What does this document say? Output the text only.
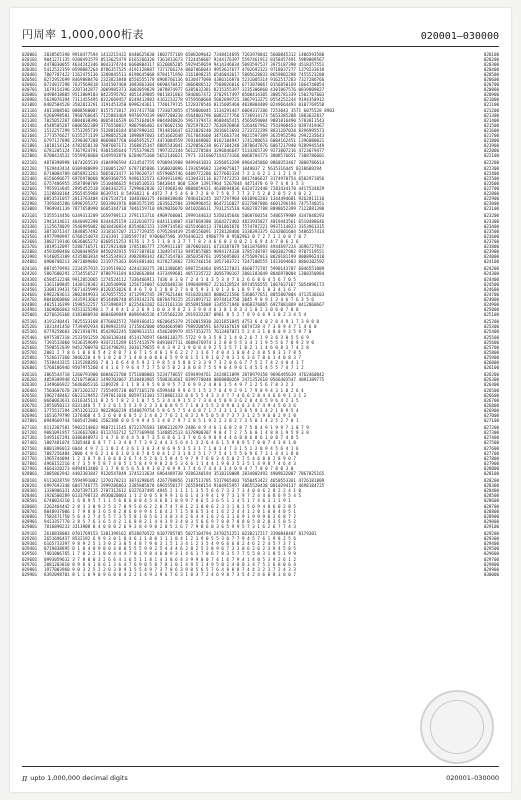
円周率 1,000,000桁表	020001–030000
020001	2038565390 9910477594 1413215432 8440625030 1802757169 6508209642 7348414695 7263978842 5600845312 1406593580	020100
020101	9041271135 9200491579 8513625479 6165266328 7361813673 7324450607 9244176397 5597461912 8358457491 5989009567	020200
020201	4470030055 4634242346 0043374744 6660804317 0126005205 5929459659 9414346834 5093597537 3975187390 4518357551	020300
020301	5412522359 0590087264 8786357525 4191128887 7371766374 8607866043 9953637677 4702692322 9718837277 1379233610	020400
020401	7007787422 1262475136 3289845511 0198645068 8784171950 3161098235 6546043617 5805628833 8659802298 7455523280	020500
020501	8272952699 8469888470 2323823840 0556555178 8908766136 0130477098 4386116870 5231005314 9162517283 7327286766	020600
020601	0724817298 7637569818 3341507460 3883863364 0690470437 3066886512 7568826016 6773078867 0156850169 1864748854	020700
020701	1679154396 3207342877 3069985373 3003059829 3078874977 6385032381 8215355397 3235306860 4301067576 0839809827	020800
020801	0498418805 9513809103 0423595782 4051439885 9011831863 5840667472 3702917497 8508414305 3085781339 1502707603	020900
020901	5639076394 7311455495 8322669457 0249413983 4163233278 9759560668 5682699725 3867913275 0554252244 9194358912	021000
021001	8402504520 3582813291 3191451350 0996243611 7740179715 1228378546 0115605460 4028884409 0249664493 0107769550	021100
021101	4811808502 0808580087 8157571817 1917417760 7733073855 4758806045 1134291447 6069317286 7253043 3571 6075528 8903	021200
021201	9266998501 7960766645 7125883469 9976979239 0697208210 4564003796 6082277766 5736914173 5653385288 1883632837	021300
021301	7025052207 6804030396 0865816539 6675164019 8044840826 5967379473 9688465415 4565059004 9881816490 5783011543	021400
021401	4548505267 6006582309 3776550037 9807966402 6470602150 7825978227 7616920868 5264467962 7543908453 0397419467	021500
021501	1512257299 5753295739 5128818184 0507990142 7914816647 6323020240 2816013693 2723722299 8831207020 8296995573	021600
021601	2773576627 6155271139 1298052520 1898897603 1451662648 7617843660 3471663734 9021597389 3635952596 2992235643	021700
021701	6797127898 2290307268 8069087768 6605952527 4473084559 7691848002 0162104947 1741288653 6084162451 1396080021	021800
021801	1018154124 4782650110 7887607171 1568815347 8885543041 2129056238 6617104248 2870647676 6067217940 9289945549	021900
021901	6781205124 7367924791 9301585644 7755379825 7997322344 5612278584 3296846647 5133365739 9273807216 4723679477	022000
022001	8700424532 5559926868 4349592876 6204075360 5652146021 7971 3316607154373166 0068784773 3808576651 7388786601	022100
022101	4878390998 1074265539 4104996594 4314547755 9700943988 9499441833 3356853299 8904345860 0860353467 3888786614	022200
022201	7629443414 0109488899 1160051207 6787105886 1160020096 1193659682 1349075017 1049837 2 5635316445 0318609294	022300
022301	8710004709 6058921263 5865023477 1679620737 8579085746 6409772286 6277682334 7 2 3 6 2 1 1 1 2 1 9 7	022400
022401	0156696677 6976970060 9669360755 9496152573 6394911896 4130433116 6277472353 8817406637 3174970754 6502971056	022500
022501	6757486955 3587890709 1510486625 9410510533 5843844 060 5369 13917964 5267844 4471470 6 9 7 4 8 3 5 3	022600
022601	7955913845 2995452518 1604342253 7299062836 3274968240 8800659421 4638694836 6424722448 7283434170 4417534829	022700
022701	2128830164 2565455968 8639741 8 5493821 6 4472 7 4 5 4 6 8 7 2 8 9 7 5 0 7 7 7 3 7 5 2 0 2 0 5 2 4 0 2 2	022800
022801	0853531057 2813763404 4367534714 1048360175 4648830040 7846416245 1877297904 6810963283 1344494681 9262811110	022900
022901	7395845206 6998295372 5033901976 8883575195 2635632584 3390996452 8647216027 0327887806 4601296194 7475740351	023000
023001	7969941139 7877658990 6685344718 7846159710 0929026070 0410266611 7931252510 9382787788 8098652399 7122881390	023100
023101	5355514456 6349313209 1659789113 2791153716 4909760001 2999144633 5350145646 5868760354 5486579909 4347048293	023200
023201	2941414611 4640492398 8344435159 1332010773 8441114807 4107669380 1664372402 4823935827 4019443561 6510488646	023300
023301	3125678029 3546995082 6018436834 8354662153 3199734583 0355460413 3701061676 7574787221 9937114823 3353961315	023400
023401	3071071347 1848857492 3318167207 2127729355 6795284439 2548156091 3728128406 3330393375 6242001604 5486557414	023500
023501	4977998997 6768154874 2243391 2185597747 9700687596 3976446322 4986779 8 9582963 0 7 2 7 1 2 0 8 7 0 7	023600
023601	3882719146 0636065272 0368515253 9176 1 7 5 7 1 8 4 3 7 7 7 8 2 4 6 6 0 3 0 0 2 1 6 9 4 4 7 0 6 2 6	023700
023701	1819512097 5288716571 0172921400 1785186777 2769911107 3870601031 6714387079 5811876893 4944697224 3696727927	023800
023801	4591090460 6200449858 8450292915 5937307010 1104974733 9495857885 9894174330 3785748707 8603027982 9707519551	023900
023901	9146053109 4235883834 9453534923 4982898342 4827354703 3850350761 1955695803 4755097013 8020181199 8008962418	024000
024001	0900708213 3072089866 2219775363 6691881401 8178273862 7292746156 1857103721 7247100555 1423694683 0860102592	024100
024101	8874579993 2234357915 2219519032 4244230275 3013380685 6987254464 6955127031 4660772787 5990143707 6046551089	024200
024201	5807600291 2734556527 0780791184 8420663884 4373499681 4857235722 3056790167 2001183049 8846970004 1308350984	024300
024301	6584512248 9912052065 1274524112 7336466911 7436 8 3 8 7 2 4 1 4 3 5 3 4 7 6 2 6 6 8 6 4 5 6 7 0 5	024400
024401	1361109845 1438128382 8120540996 1256724807 6105840218 1990489967 2216128524 8974556555 1067037167 5054896173	024500
024501	3308119431 5671435999 8120353026 8 4 6 7 0 1 1 0 0 2 7 4 0 5 9 3 1 0 1 3 6 1 8 9 7 0 1 0 3 4 1 6 7	024600
024601	6982203613 3802849933 1670557552 4712992745 3977621404 9318201465 8008221566 5360677651 8055807804 4713530103	024700
024701	8046060060 3435913664 0514488740 0519142376 8070479225 3531891712 6974414758 2045 9 0 9 1 3 4 6 7 6 3 5 6	024800
024801	4025116399 1598532257 5373986917 0225463202 6323161318 8558915808 3345571946 8468376865 6927881869 0412060667	024900
024901	1669066063 9353325298 1 7 4 9 4 1 3 2 6 9 1 0 0 3 9 6 2 3 3 9 0 4 6 3 8 1 8 3 3 1 0 2 3 0 6 0 7 0 8	025000
025001	4276626368 4183080910 0804609849 8096946536 4735566228 2919332287 0961 8 5 2 7 8 9 6 6 9 1 8 2 3 4 5 4	025100
025101	4191240441 7025523168 0776603572 7669166412 8620645379 2510015830 2011851845 4753 6 4 0 2 0 4 9 1 7 3 8 0 0	025200
025201	1831441450 7739492934 0198942193 1715842000 0504664909 7989200591 6470167619 6874728 4 7 3 8 9 4 7 1 4 6 0	025300
025301	8779258603 2021930791 8542902245 5809813151 4546209979 4557353275 7613407071 5 2 4 3 1 0 8 0 9 3 5 9 7 0	025400
025401	0975387318 2533591259 2018130346 4514170597 6640118275 5722 9 8 3 5 0 2 1 4 0 2 6 7 1 9 3 6 3 0 5 5 6 9	025500
025501	7393533060 9336359699 9347215289 6157413579 8491047711 4688476974 3 2 8 0 5 5 3 4 1 1 9 5 5 6 7 0 9 2 9 0	025600
025601	7590552039 9452700970 6214790291 2016179655 9 4 3 9 2 1 9 0 8 4 9 2 5 3 5 7 1 0 2 1 1 4 6 0 8 3 7 4 2 8	025700
025701	2081 2 7 8 6 1 0 6 8 5 4 2 8 0 7 3 6 7 1 5 4 6 1 9 6 2 2 7 1 3 6 7 4 0 4 1 0 0 4 2 4 8 5 8 3 1 7 8 5	025800
025801	7526617360 3046220 4 9 1 0 2 0 7 1 4 0 4 0 0 6 6 5 9 9 8 1 5 1 9 1 0 7 9 3 1 6 3 6 7 8 6 1 4 0 8 3 7	025900
025901	7538443315 1335288356 7 8 1 6 6 4 8 5 9 2 1 9 8 5 4 5 8 8 2 3 3 9 7 3 2 0 6 6 7 7 5 2 7 4 2 4 0 4 1 7	026000
026001	5760186946 9507975260 4 4 1 6 7 9 6 4 7 2 7 5 0 5 0 2 3 8 0 8 7 5 5 9 0 4 9 6 1 4 5 5 4 5 5 7 4 7 1 2	026100
026101	3865544718 1260791900 6884623708 5751808003 5234770657 6594994761 2424811099 2878979158 9696495639 4762460842	026200
026201	4059309948 6210750683 1498702067 3538483965 5508363661 8399778040 0860800269 2471352610 0566403547 4091389775	026300
026301	1349666922 5646605316 1209228 3 1 1 8 3 9 5 9 8 9 5 7 2 6 9 9 2 4 8 6 1 5 4 9 7 1 2 5 6 7 8 3 2 3	026400
026401	7503607678 2073202327 7355495720 8077165178 6599448 9 9 6 5 1 5 3 7 6 4 9 2 9 1 7 9 8 9 4 3 1 0 2 6 4	026500
026501	3962748462 6023129452 7397011036 8059731303 5710801333 0 6 5 5 4 3 3 4 7 7 4 6 6 2 8 4 4 6 6 9 1 3 1 2	026600
026601	0660063631 6316345111 8 2 5 7 8 2 3 1 0 7 5 5 3 4 4 9 1 5 2 7 3 8 4 5 0 9 3 6 2 0 4 6 5 9 6 4 2 3 5	026700
026701	2855050313 8331446 5 7 3 2 6 1 5 5 3 9 2 3 3 6 0 8 9 5 7 1 0 3 5 5 3 8 9 0 3 6 3 4 7 4 9 4 5 0 3 6	026800
026801	3775517294 2951261223 9822960239 4548879754 5 8 6 5 7 5 4 6 8 7 1 7 3 3 1 1 3 8 5 9 3 4 2 1 8 9 5 4	026900
026901	1651679799 1376468 4 5 2 6 0 0 6 0 5 2 1 4 0 2 7 6 2 1 8 3 2 9 5 0 5 8 7 3 7 3 1 2 5 9 6 0 2 9 1 0	027000
027001	0949669744 5605472886 1562388 0 0 5 9 9 4 5 3 4 8 7 9 7 2 8 5 1 9 2 2 3 8 2 7 3 5 8 1 4 3 5 2 7 8 1	027100
027101	8112307581 5902214863 9807211145 8722376583 1896212079 2486 8 9 4 6 1 6 8 2 8 7 5 8 4 9 1 9 9 7 1 8 7 9	027200
027201	9081091957 5336637083 8113743712 5277369946 5148852513 6178900307 9 0 4 7 2 7 5 6 0 1 4 8 8 1 9 5 9 3 8	027300
027301	5495167291 0306848973 1 4 7 6 8 4 4 5 0 7 3 5 6 8 6 1 3 7 0 6 6 9 8 9 4 4 6 8 0 6 8 6 1 0 0 7 4 8 5	027400
027401	1007481074 5305440 6 8 7 7 1 3 4 0 7 7 3 9 2 4 4 3 5 6 4 1 3 2 6 4 6 1 5 9 8 9 5 7 0 0 7 4 3 8 1 0	027500
027501	8001396013 6044 4 9 7 1 1 0 2 4 3 6 1 3 6 3 4 8 6 9 5 3 5 3 1 7 1 0 1 4 7 3 1 5 1 2 0 9 4 5 6 4 1 6	027600
027601	7087256484 2000 4 9 6 2 1 6 6 1 0 3 8 7 8 5 0 4 1 2 3 1 8 2 5 1 7 7 5 4 1 5 5 6 9 6 7 3 1 4 4 1 8 8	027700
027701	1965744094 1 2 3 8 7 0 1 0 6 8 2 6 7 4 5 2 6 1 5 8 4 5 9 7 9 7 6 8 3 4 5 0 2 7 5 4 6 8 8 2 8 9 0 7	027800
027801	4966152216 4 7 3 5 9 5 8 7 4 0 5 1 5 8 4 9 9 8 2 0 5 3 6 6 1 1 4 4 1 9 0 3 5 3 5 1 4 9 8 7 4 6 4 3	027900
027901	4664320273 8494913480 1 1 7 8 8 5 6 5 6 9 3 0 2 0 9 9 1 7 4 6 7 4 4 3 1 4 0 9 4 7 7 8 0 7 8 0 3 0	028000
028001	2885862942 4402301847 9120547849 3745213634 6964489738 9206240194 3518310088 2834802492 4909632087 7867825165	028100
028101	9113028759 5594991082 1270178231 3874298645 4267798856 2187513705 5317965403 7650453422 4650553361 4726181809	028200
028201	6997693348 6047746775 1999286863 2385805878 6965550177 2655948154 9104915957 4865520438 0010294137 4698184725	028300
028301	1330906331 4207397135 2707312612 6327637495 4945 2 1 1 1 1 3 5 5 6 6 7 3 3 7 3 4 0 0 6 2 8 2 2 4 1 0	028400
028401	1926500289 0133798733 4930020003 1 1 2 0 0 5 8 9 9 1 6 6 1 4 3 9 4 1 9 7 3 1 9 7 2 4 4 0 8 6 9 5 4 5	028500
028501	6740024210 1 6 0 9 5 7 1 1 5 6 0 6 0 0 4 5 4 6 8 1 8 9 9 7 8 6 5 3 6 5 1 1 4 5 1 7 4 6 3 1 1 9 1	028600
028601	3262464442 2 8 3 3 0 9 2 5 3 7 0 9 5 6 6 2 2 0 7 4 7 8 1 2 3 0 8 6 2 3 3 1 8 1 5 0 9 4 8 6 0 2 8 5	028700
028701	8040937006 1 7 9 8 0 3 6 5 8 2 8 6 0 9 9 4 1 6 4 2 7 1 5 8 6 5 3 4 1 6 2 2 4 4 1 2 0 1 0 8 4 0 5 1	028800
028801	7582471750 5 6 4 2 7 4 5 5 7 3 5 5 8 1 0 5 6 1 4 0 3 4 2 6 4 4 1 6 2 6 3 1 6 9 1 9 9 9 0 2 6 8 7 2	028900
028901	9413357770 3 8 5 7 6 3 6 5 4 2 1 6 8 8 2 1 4 4 3 9 3 4 0 3 5 6 6 9 7 0 0 7 0 8 0 5 8 2 0 3 5 0 5 2	029000
029001	7816898233 3313908 8 4 0 8 0 2 6 9 3 8 4 9 8 2 0 5 2 6 7 7 9 8 6 0 3 6 5 9 9 5 7 3 1 6 2 6 7 7 4 3	029100
029101	2618838003 0701769153 1381399162 0538070522 8107785705 5027104794 2470251251 0230217217 3390840407 8179301	029200
029201	2651696437 8532192 6 9 9 3 0 1 8 4 6 1 1 8 0 1 1 1 8 4 1 2 1 9 0 5 5 3 6 7 7 9 4 5 7 6 1 9 8 2 5 6	029300
029301	6165733397 9 8 9 2 5 1 3 0 2 3 0 5 4 8 7 9 0 3 1 5 1 3 4 1 2 3 5 4 9 6 6 6 8 2 4 6 2 2 4 5 7 3 7 1	029400
029401	0719838895 0 1 0 4 0 9 8 0 4 8 8 5 5 5 9 9 2 5 4 4 4 6 2 8 2 5 2 8 9 6 7 3 3 8 6 2 6 2 3 9 4 5 8 5	029500
029501	7401006765 1 7 0 2 2 1 8 0 4 4 4 7 0 1 9 8 4 6 0 9 3 1 4 6 1 7 0 6 7 8 3 5 7 7 5 5 8 3 1 0 5 1 9 9	029600
029601	0993059632 3 7 8 0 0 3 2 6 6 4 1 6 5 1 1 8 1 4 3 8 6 4 3 9 9 0 0 7 4 1 6 7 9 4 1 4 0 5 3 9 2 6 1 2	029700
029701	2081203810 8 9 8 4 1 8 6 1 3 6 4 7 6 9 0 5 8 7 8 1 0 1 4 9 5 1 4 9 5 8 2 4 8 0 3 4 7 5 1 6 8 0 6 4	029800
029801	1977003960 9 0 3 2 5 2 2 0 3 8 9 1 5 5 4 9 7 3 7 8 6 3 9 0 5 6 5 7 6 4 8 8 8 7 4 4 3 2 3 7 2 4 3 3	029900
029901	8392098701 8 1 1 6 9 0 9 6 0 8 4 2 2 1 4 9 3 9 6 7 6 3 1 0 3 7 2 4 6 9 8 7 3 5 4 2 4 6 8 8 3 8 0 7	030000
π upto 1,000,000 decimal digits	020001–030000
